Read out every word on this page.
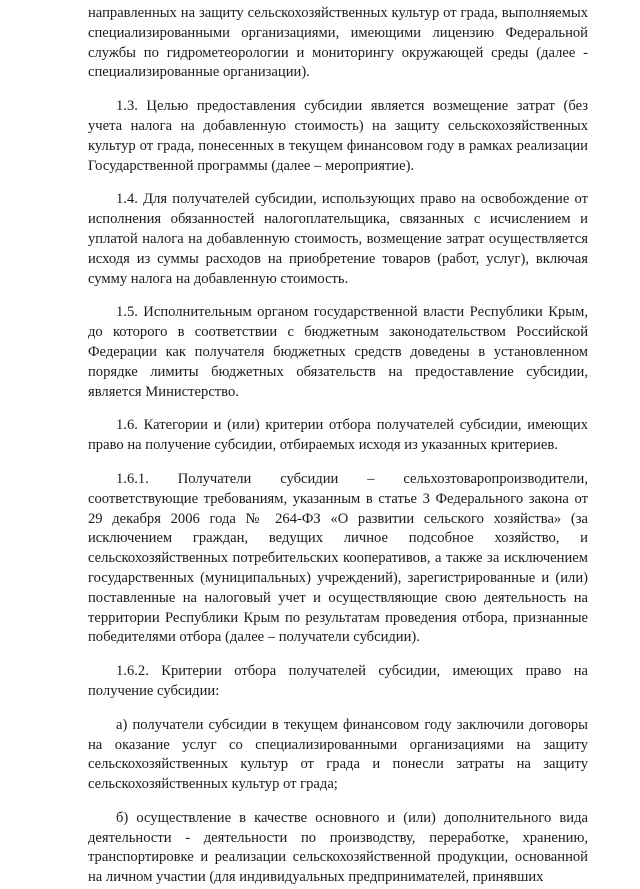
направленных на защиту сельскохозяйственных культур от града, выполняемых специализированными организациями, имеющими лицензию Федеральной службы по гидрометеорологии и мониторингу окружающей среды (далее - специализированные организации).

1.3. Целью предоставления субсидии является возмещение затрат (без учета налога на добавленную стоимость) на защиту сельскохозяйственных культур от града, понесенных в текущем финансовом году в рамках реализации Государственной программы (далее – мероприятие).

1.4. Для получателей субсидии, использующих право на освобождение от исполнения обязанностей налогоплательщика, связанных с исчислением и уплатой налога на добавленную стоимость, возмещение затрат осуществляется исходя из суммы расходов на приобретение товаров (работ, услуг), включая сумму налога на добавленную стоимость.

1.5. Исполнительным органом государственной власти Республики Крым, до которого в соответствии с бюджетным законодательством Российской Федерации как получателя бюджетных средств доведены в установленном порядке лимиты бюджетных обязательств на предоставление субсидии, является Министерство.

1.6. Категории и (или) критерии отбора получателей субсидии, имеющих право на получение субсидии, отбираемых исходя из указанных критериев.

1.6.1. Получатели субсидии – сельхозтоваропроизводители, соответствующие требованиям, указанным в статье 3 Федерального закона от 29 декабря 2006 года № 264-ФЗ «О развитии сельского хозяйства» (за исключением граждан, ведущих личное подсобное хозяйство, и сельскохозяйственных потребительских кооперативов, а также за исключением государственных (муниципальных) учреждений), зарегистрированные и (или) поставленные на налоговый учет и осуществляющие свою деятельность на территории Республики Крым по результатам проведения отбора, признанные победителями отбора (далее – получатели субсидии).

1.6.2. Критерии отбора получателей субсидии, имеющих право на получение субсидии:

а) получатели субсидии в текущем финансовом году заключили договоры на оказание услуг со специализированными организациями на защиту сельскохозяйственных культур от града и понесли затраты на защиту сельскохозяйственных культур от града;

б) осуществление в качестве основного и (или) дополнительного вида деятельности - деятельности по производству, переработке, хранению, транспортировке и реализации сельскохозяйственной продукции, основанной на личном участии (для индивидуальных предпринимателей, принявших
